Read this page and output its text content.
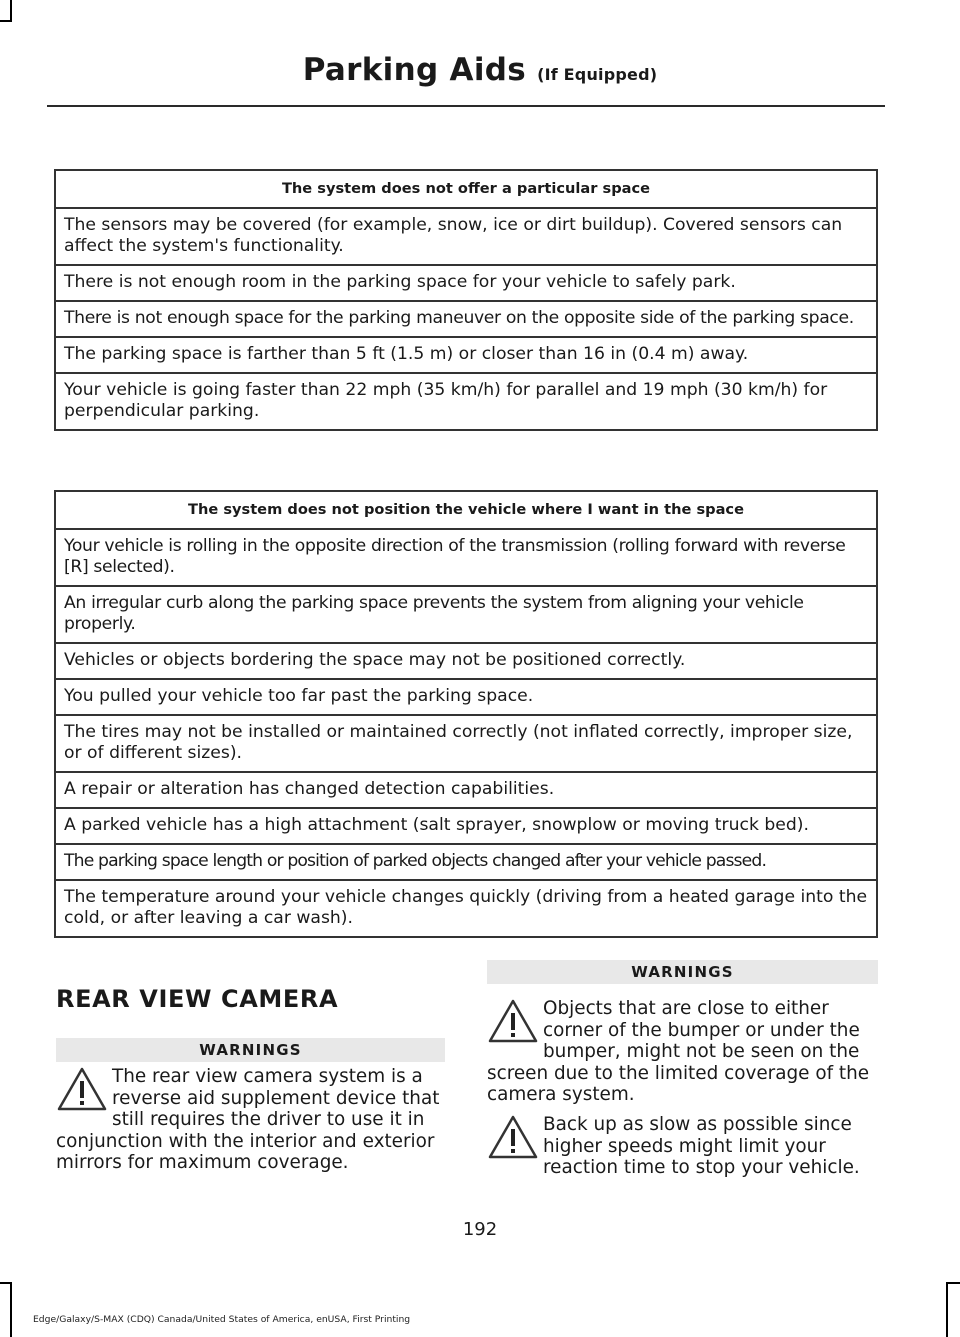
Parking Aids (If Equipped)
The system does not offer a particular space
The sensors may be covered (for example, snow, ice or dirt buildup). Covered sensors can affect the system's functionality.
There is not enough room in the parking space for your vehicle to safely park.
There is not enough space for the parking maneuver on the opposite side of the parking space.
The parking space is farther than 5 ft (1.5 m) or closer than 16 in (0.4 m) away.
Your vehicle is going faster than 22 mph (35 km/h) for parallel and 19 mph (30 km/h) for perpendicular parking.
The system does not position the vehicle where I want in the space
Your vehicle is rolling in the opposite direction of the transmission (rolling forward with reverse [R] selected).
An irregular curb along the parking space prevents the system from aligning your vehicle properly.
Vehicles or objects bordering the space may not be positioned correctly.
You pulled your vehicle too far past the parking space.
The tires may not be installed or maintained correctly (not inflated correctly, improper size, or of different sizes).
A repair or alteration has changed detection capabilities.
A parked vehicle has a high attachment (salt sprayer, snowplow or moving truck bed).
The parking space length or position of parked objects changed after your vehicle passed.
The temperature around your vehicle changes quickly (driving from a heated garage into the cold, or after leaving a car wash).
REAR VIEW CAMERA
WARNINGS
The rear view camera system is a reverse aid supplement device that still requires the driver to use it in conjunction with the interior and exterior mirrors for maximum coverage.
WARNINGS
Objects that are close to either corner of the bumper or under the bumper, might not be seen on the screen due to the limited coverage of the camera system.
Back up as slow as possible since higher speeds might limit your reaction time to stop your vehicle.
192
Edge/Galaxy/S-MAX (CDQ) Canada/United States of America, enUSA, First Printing
